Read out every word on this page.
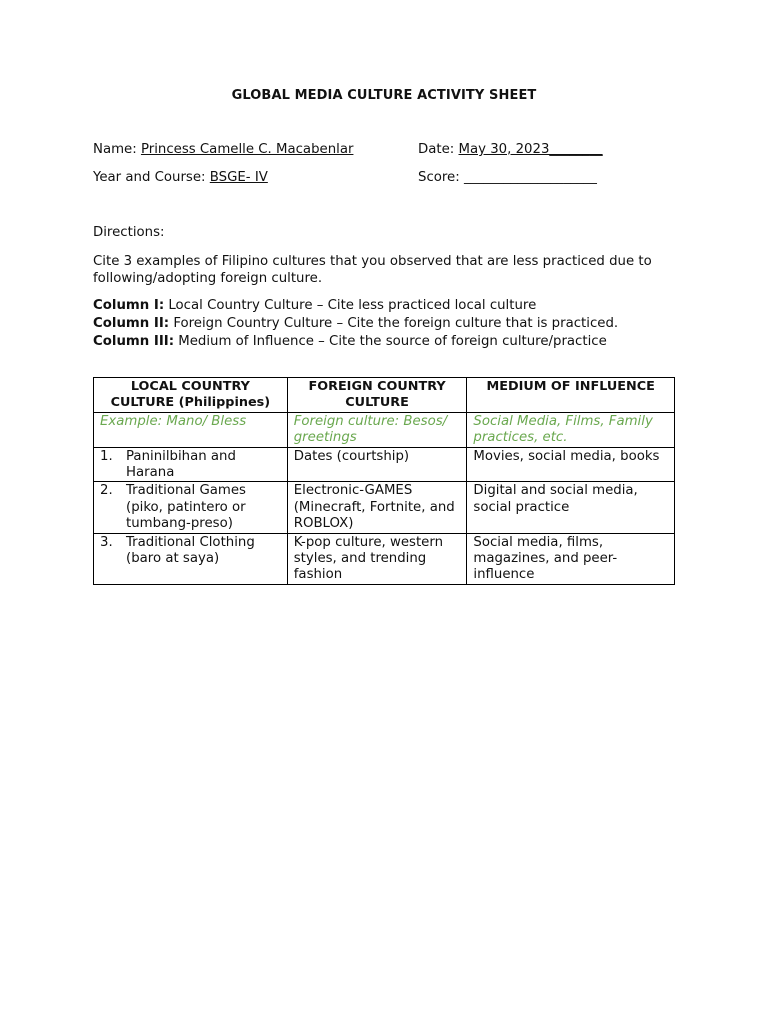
GLOBAL MEDIA CULTURE ACTIVITY SHEET
Name: Princess Camelle C. Macabenlar	Date: May 30, 2023________
Year and Course: BSGE- IV	Score: ____________________
Directions:
Cite 3 examples of Filipino cultures that you observed that are less practiced due to following/adopting foreign culture.
Column I: Local Country Culture – Cite less practiced local culture
Column II: Foreign Country Culture – Cite the foreign culture that is practiced.
Column III: Medium of Influence – Cite the source of foreign culture/practice
LOCAL COUNTRY CULTURE (Philippines)	FOREIGN COUNTRY CULTURE	MEDIUM OF INFLUENCE
Example: Mano/ Bless	Foreign culture: Besos/ greetings	Social Media, Films, Family practices, etc.

1. Paninilbihan and Harana	Dates (courtship)	Movies, social media, books

2. Traditional Games (piko, patintero or tumbang-preso)	Electronic-GAMES (Minecraft, Fortnite, and ROBLOX)	Digital and social media, social practice

3. Traditional Clothing (baro at saya)	K-pop culture, western styles, and trending fashion	Social media, films, magazines, and peer-influence
